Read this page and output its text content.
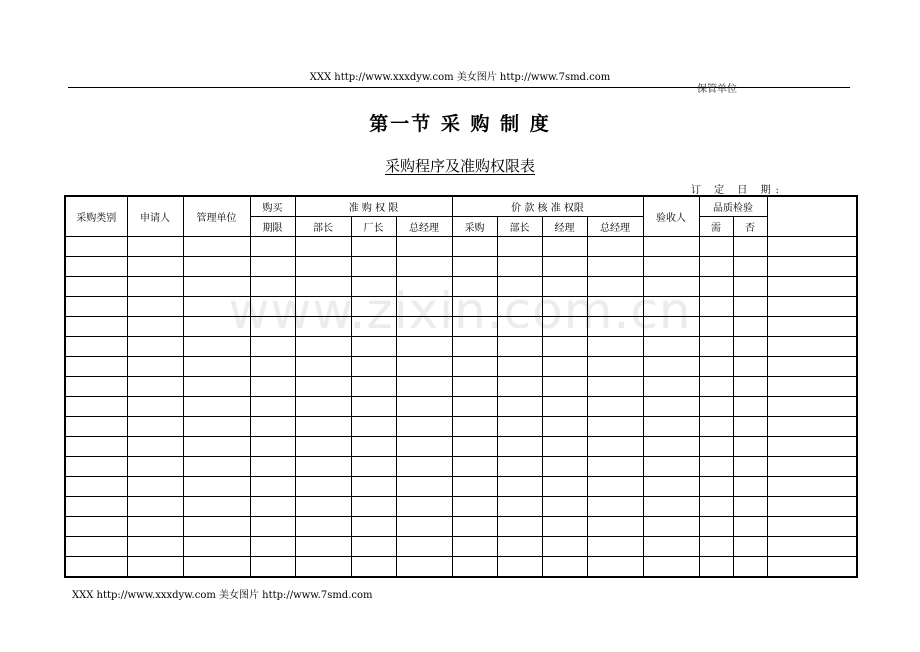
XXX http://www.xxxdyw.com 美女图片 http://www.7smd.com
保管单位
第一节 采 购 制 度
采购程序及准购权限表
订 定 日 期:
www.zixin.com.cn
采购类别	申请人	管理单位	购买	准 购 权 限			价 款 核 准 权限				验收人	品质检验		
			期限	部长	厂长	总经理	采购	部长	经理	总经理		需	否	

XXX http://www.xxxdyw.com 美女图片 http://www.7smd.com
